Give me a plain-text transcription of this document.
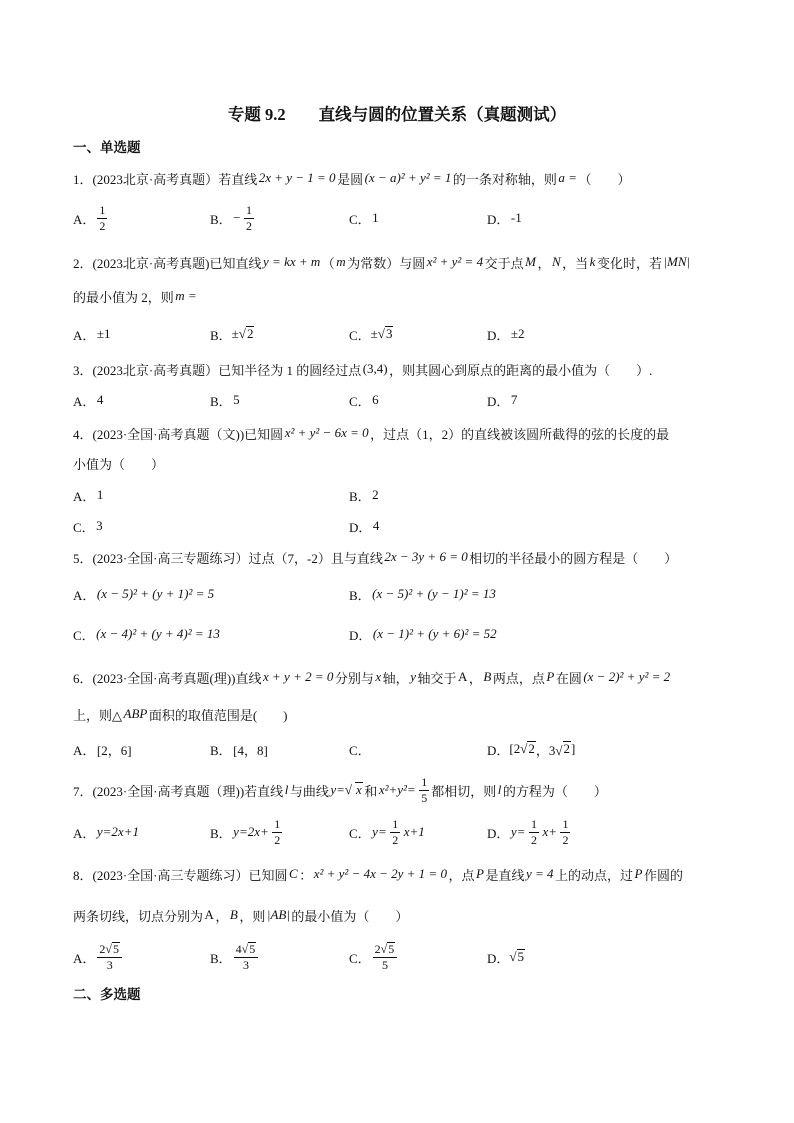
专题 9.2　　直线与圆的位置关系（真题测试）
一、单选题
1． (2023北京·高考真题） 若直线 2x + y − 1 = 0 是圆 (x − a)² + y² = 1 的一条对称轴，则 a = （　　）
A． $\frac{1}{2}$	B． − $\frac{1}{2}$	C． 1	D． -1
2． (2023北京·高考真题) 已知直线 y = kx + m （ m 为常数）与圆 x² + y² = 4 交于点 M ， N ，当 k 变化时，若 |MN|
的最小值为 2，则 m =
A． ±1	B． ±√ 2	C． ±√ 3	D． ±2
3． (2023北京·高考真题） 已知半径为 1 的圆经过点 (3,4) ，则其圆心到原点的距离的最小值为（　　）.
A． 4	B． 5	C． 6	D． 7
4． (2023·全国·高考真题（文)) 已知圆 x² + y² − 6x = 0 ，过点（1，2）的直线被该圆所截得的弦的长度的最
小值为（　　）
A． 1	B． 2
C． 3	D． 4
5． (2023·全国·高三专题练习） 过点（7，-2）且与直线 2x − 3y + 6 = 0 相切的半径最小的圆方程是（　　）
A． (x − 5)² + (y + 1)² = 5	B． (x − 5)² + (y − 1)² = 13
C． (x − 4)² + (y + 4)² = 13	D． (x − 1)² + (y + 6)² = 52
6． (2023·全国·高考真题(理)) 直线 x + y + 2 = 0 分别与 x 轴， y 轴交于 A ， B 两点，点 P 在圆 (x − 2)² + y² = 2
上，则△ ABP 面积的取值范围是(　　)
A． [2，6]	B． [4，8]	C．	D． [2√ 2 ，3√ 2 ]
7． (2023·全国·高考真题（理)) 若直线 l 与曲线 y=√ x 和 $x^2+y^2= \frac{1}{5}$ 都相切，则 l 的方程为（　　）
A． y=2x+1	B． $y=2x+ \frac{1}{2}$	C． $y= \frac{1}{2} x+1$	D． $y= \frac{1}{2} x+ \frac{1}{2}$
8． (2023·全国·高三专题练习） 已知圆 C ： x² + y² − 4x − 2y + 1 = 0 ，点 P 是直线 y = 4 上的动点，过 P 作圆的
两条切线，切点分别为 A ， B ，则 |AB| 的最小值为（　　）
A． $\frac{2√ 5}{3}$	B． $\frac{4√ 5}{3}$	C． $\frac{2√ 5}{5}$	D． √ 5
二、多选题
